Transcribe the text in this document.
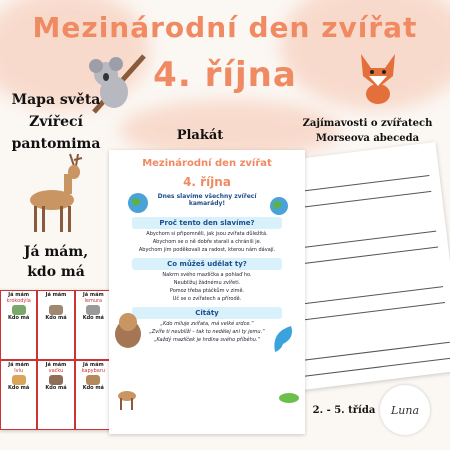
Mezinárodní den zvířat
4. října
Mapa světa
Zvířecí
pantomima
Plakát
Zajímavosti o zvířatech
Morseova abeceda
Já mám,
kdo má
Já mám
krokodýla
Kdo má
Já mám

Kdo má
Já mám
lemura
Kdo má
Já mám
lvíu
Kdo má
Já mám
vačku
Kdo má
Já mám
kapybaru
Kdo má
Mezinárodní den zvířat
4. října
Dnes slavíme všechny zvířecí kamarády!
Proč tento den slavíme?
Abychom si připomněli, jak jsou zvířata důležitá.
Abychom se o ně dobře starali a chránili je.
Abychom jim poděkovali za radost, kterou nám dávají.
Co můžeš udělat ty?
Nakrm svého mazlíčka a pohlaď ho.
Neubližuj žádnému zvířeti.
Pomoz třeba ptáčkům v zimě.
Uč se o zvířatech a přírodě.
Citáty
„Kdo miluje zvířata, má velké srdce.“
„Zvíře ti neublíží – tak to nedělej ani ty jemu.“
„Každý mazlíček je hrdina svého příběhu.“
2. - 5. třída	Luna
